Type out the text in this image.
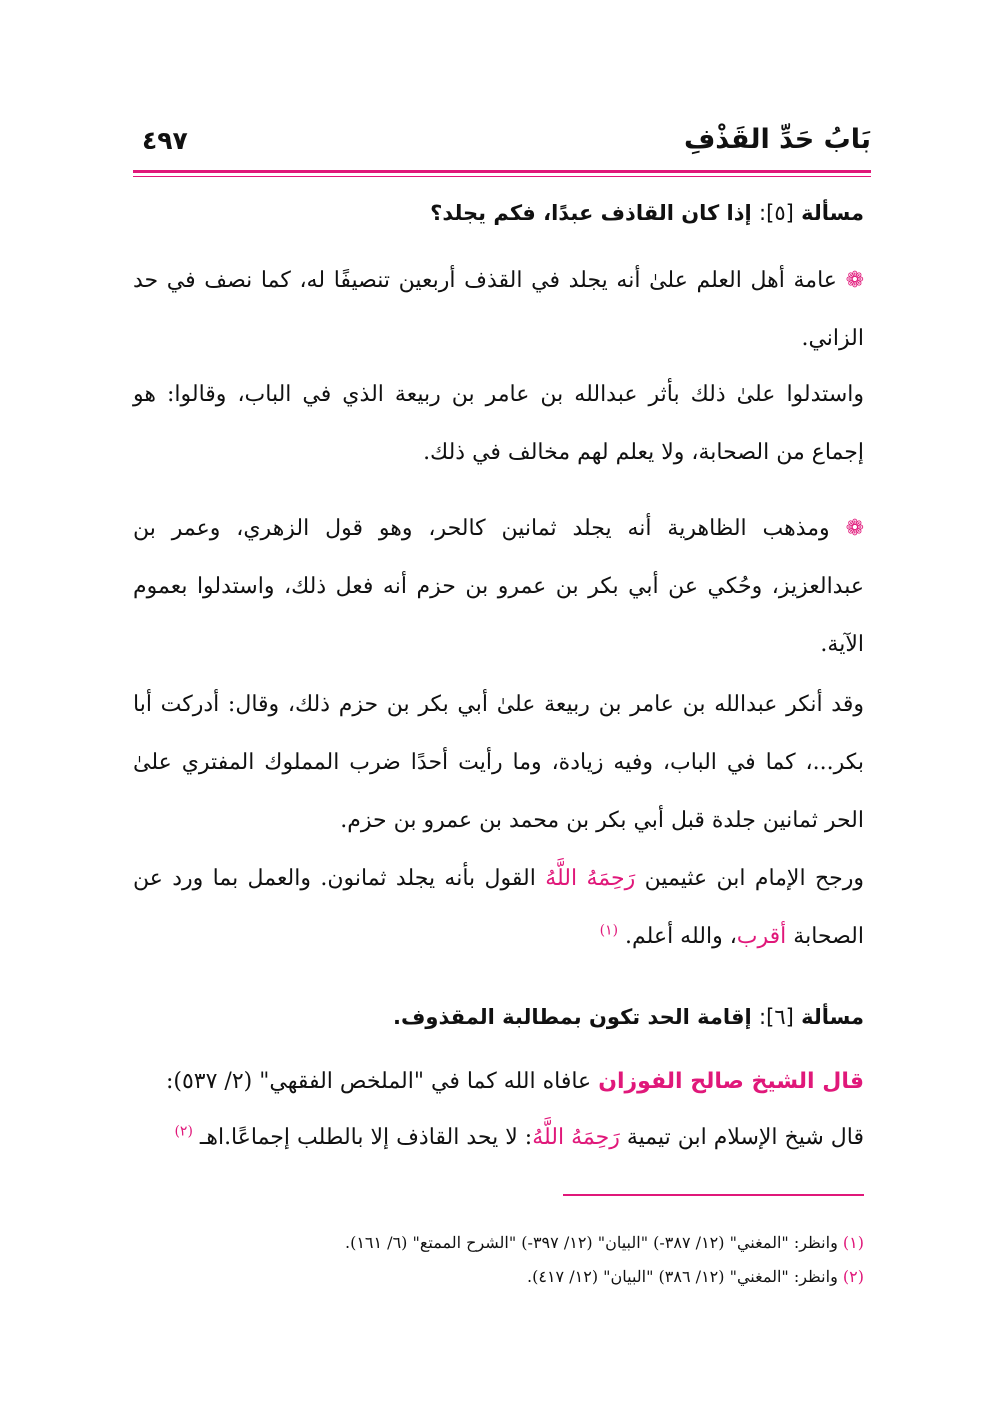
بَابُ حَدِّ القَذْفِ
٤٩٧
مسألة [٥]: إذا كان القاذف عبدًا، فكم يجلد؟
❁ عامة أهل العلم علىٰ أنه يجلد في القذف أربعين تنصيفًا له، كما نصف في حد الزاني.
واستدلوا علىٰ ذلك بأثر عبدالله بن عامر بن ربيعة الذي في الباب، وقالوا: هو إجماع من الصحابة، ولا يعلم لهم مخالف في ذلك.
❁ ومذهب الظاهرية أنه يجلد ثمانين كالحر، وهو قول الزهري، وعمر بن عبدالعزيز، وحُكي عن أبي بكر بن عمرو بن حزم أنه فعل ذلك، واستدلوا بعموم الآية.
وقد أنكر عبدالله بن عامر بن ربيعة علىٰ أبي بكر بن حزم ذلك، وقال: أدركت أبا بكر...، كما في الباب، وفيه زيادة، وما رأيت أحدًا ضرب المملوك المفتري علىٰ الحر ثمانين جلدة قبل أبي بكر بن محمد بن عمرو بن حزم.
ورجح الإمام ابن عثيمين رَحِمَهُ اللَّهُ القول بأنه يجلد ثمانون. والعمل بما ورد عن الصحابة أقرب، والله أعلم. $^{(١)}$
مسألة [٦]: إقامة الحد تكون بمطالبة المقذوف.
قال الشيخ صالح الفوزان عافاه الله كما في "الملخص الفقهي" (٢/ ٥٣٧):
قال شيخ الإسلام ابن تيمية رَحِمَهُ اللَّهُ: لا يحد القاذف إلا بالطلب إجماعًا.اهـ $^{(٢)}$
(١) وانظر: "المغني" (١٢/ ٣٨٧-) "البيان" (١٢/ ٣٩٧-) "الشرح الممتع" (٦/ ١٦١).
(٢) وانظر: "المغني" (١٢/ ٣٨٦) "البيان" (١٢/ ٤١٧).
